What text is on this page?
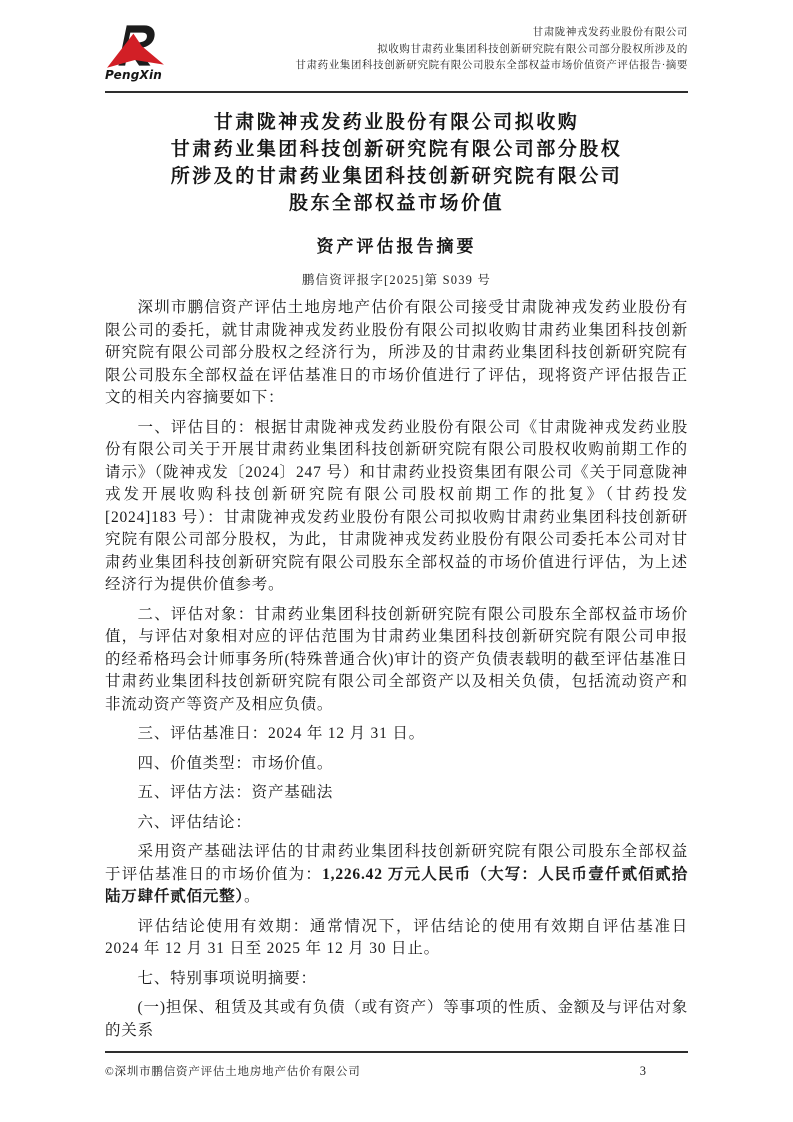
PengXin
甘肃陇神戎发药业股份有限公司
拟收购甘肃药业集团科技创新研究院有限公司部分股权所涉及的
甘肃药业集团科技创新研究院有限公司股东全部权益市场价值资产评估报告·摘要
甘肃陇神戎发药业股份有限公司拟收购
甘肃药业集团科技创新研究院有限公司部分股权
所涉及的甘肃药业集团科技创新研究院有限公司
股东全部权益市场价值
资产评估报告摘要
鹏信资评报字[2025]第 S039 号

深圳市鹏信资产评估土地房地产估价有限公司接受甘肃陇神戎发药业股份有限公司的委托，就甘肃陇神戎发药业股份有限公司拟收购甘肃药业集团科技创新研究院有限公司部分股权之经济行为，所涉及的甘肃药业集团科技创新研究院有限公司股东全部权益在评估基准日的市场价值进行了评估，现将资产评估报告正文的相关内容摘要如下：

一、评估目的：根据甘肃陇神戎发药业股份有限公司《甘肃陇神戎发药业股份有限公司关于开展甘肃药业集团科技创新研究院有限公司股权收购前期工作的请示》（陇神戎发〔2024〕247 号）和甘肃药业投资集团有限公司《关于同意陇神戎发开展收购科技创新研究院有限公司股权前期工作的批复》（甘药投发[2024]183 号）：甘肃陇神戎发药业股份有限公司拟收购甘肃药业集团科技创新研究院有限公司部分股权，为此，甘肃陇神戎发药业股份有限公司委托本公司对甘肃药业集团科技创新研究院有限公司股东全部权益的市场价值进行评估，为上述经济行为提供价值参考。

二、评估对象：甘肃药业集团科技创新研究院有限公司股东全部权益市场价值，与评估对象相对应的评估范围为甘肃药业集团科技创新研究院有限公司申报的经希格玛会计师事务所(特殊普通合伙)审计的资产负债表载明的截至评估基准日甘肃药业集团科技创新研究院有限公司全部资产以及相关负债，包括流动资产和非流动资产等资产及相应负债。

三、评估基准日：2024 年 12 月 31 日。

四、价值类型：市场价值。

五、评估方法：资产基础法

六、评估结论：

采用资产基础法评估的甘肃药业集团科技创新研究院有限公司股东全部权益于评估基准日的市场价值为：1,226.42 万元人民币（大写：人民币壹仟贰佰贰拾陆万肆仟贰佰元整）。

评估结论使用有效期：通常情况下，评估结论的使用有效期自评估基准日 2024 年 12 月 31 日至 2025 年 12 月 30 日止。

七、特别事项说明摘要：

(一)担保、租赁及其或有负债（或有资产）等事项的性质、金额及与评估对象的关系

©深圳市鹏信资产评估土地房地产估价有限公司	3
